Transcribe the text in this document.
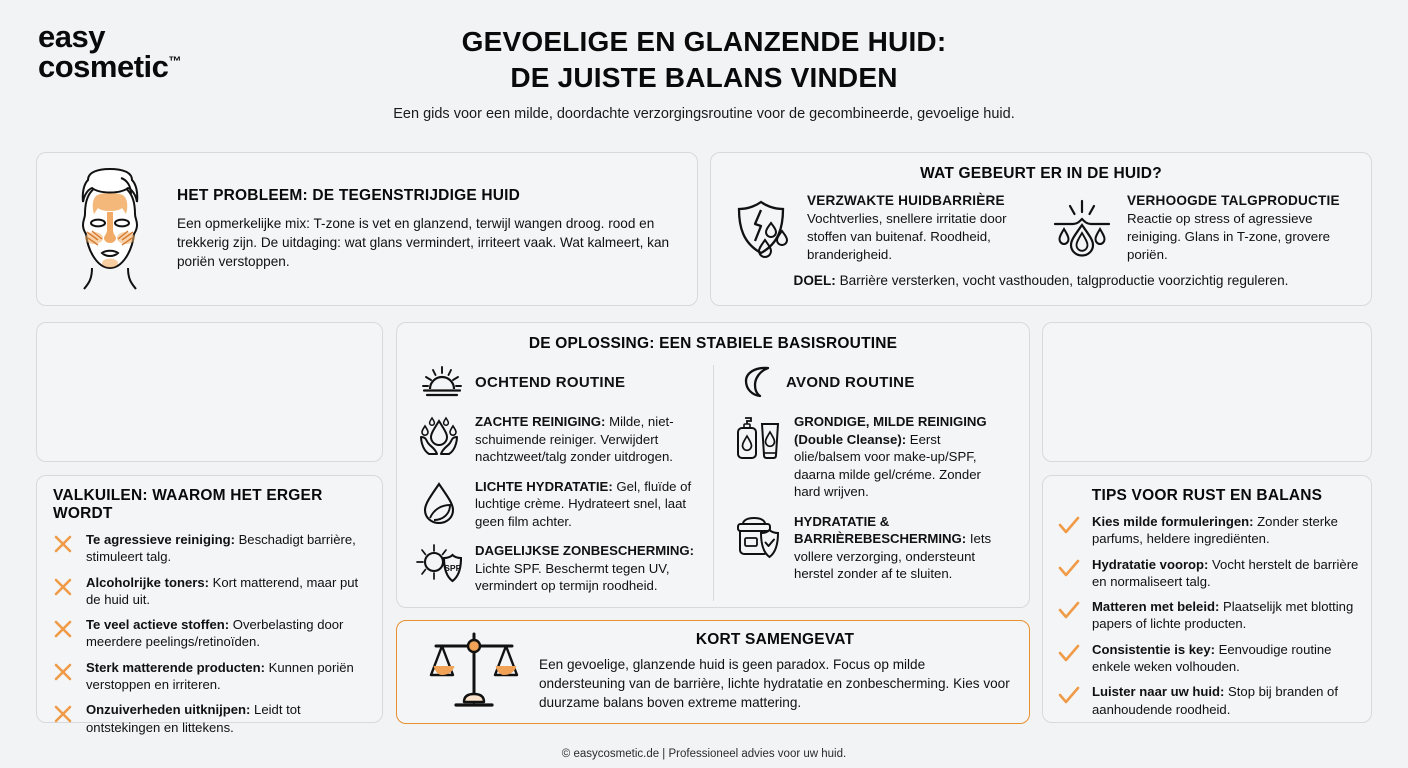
easy
cosmetic™
GEVOELIGE EN GLANZENDE HUID:
DE JUISTE BALANS VINDEN
Een gids voor een milde, doordachte verzorgingsroutine voor de gecombineerde, gevoelige huid.
HET PROBLEEM: DE TEGENSTRIJDIGE HUID

Een opmerkelijke mix: T-zone is vet en glanzend, terwijl wangen droog. rood en trekkerig zijn. De uitdaging: wat glans vermindert, irriteert vaak. Wat kalmeert, kan poriën verstoppen.

WAT GEBEURT ER IN DE HUID?
VERZWAKTE HUIDBARRIÈRE

Vochtverlies, snellere irritatie door stoffen van buitenaf. Roodheid, branderigheid.

VERHOOGDE TALGPRODUCTIE

Reactie op stress of agressieve reiniging. Glans in T-zone, grovere poriën.

DOEL: Barrière versterken, vocht vasthouden, talgproductie voorzichtig reguleren.
DE OPLOSSING: EEN STABIELE BASISROUTINE
OCHTEND ROUTINE

ZACHTE REINIGING: Milde, niet-schuimende reiniger. Verwijdert nachtzweet/talg zonder uitdrogen.

LICHTE HYDRATATIE: Gel, fluïde of luchtige crème. Hydrateert snel, laat geen film achter.

SPF

DAGELIJKSE ZONBESCHERMING: Lichte SPF. Beschermt tegen UV, vermindert op termijn roodheid.

AVOND ROUTINE

GRONDIGE, MILDE REINIGING (Double Cleanse): Eerst olie/balsem voor make-up/SPF, daarna milde gel/créme. Zonder hard wrijven.

HYDRATATIE & BARRIÈREBESCHERMING: Iets vollere verzorging, ondersteunt herstel zonder af te sluiten.

VALKUILEN: WAAROM HET ERGER WORDT

Te agressieve reiniging: Beschadigt barrière, stimuleert talg.

Alcoholrijke toners: Kort matterend, maar put de huid uit.

Te veel actieve stoffen: Overbelasting door meerdere peelings/retinoïden.

Sterk matterende producten: Kunnen poriën verstoppen en irriteren.

Onzuiverheden uitknijpen: Leidt tot ontstekingen en littekens.

TIPS VOOR RUST EN BALANS

Kies milde formuleringen: Zonder sterke parfums, heldere ingrediënten.

Hydratatie voorop: Vocht herstelt de barrière en normaliseert talg.

Matteren met beleid: Plaatselijk met blotting papers of lichte producten.

Consistentie is key: Eenvoudige routine enkele weken volhouden.

Luister naar uw huid: Stop bij branden of aanhoudende roodheid.

KORT SAMENGEVAT

Een gevoelige, glanzende huid is geen paradox. Focus op milde ondersteuning van de barrière, lichte hydratatie en zonbescherming. Kies voor duurzame balans boven extreme mattering.

© easycosmetic.de | Professioneel advies voor uw huid.
